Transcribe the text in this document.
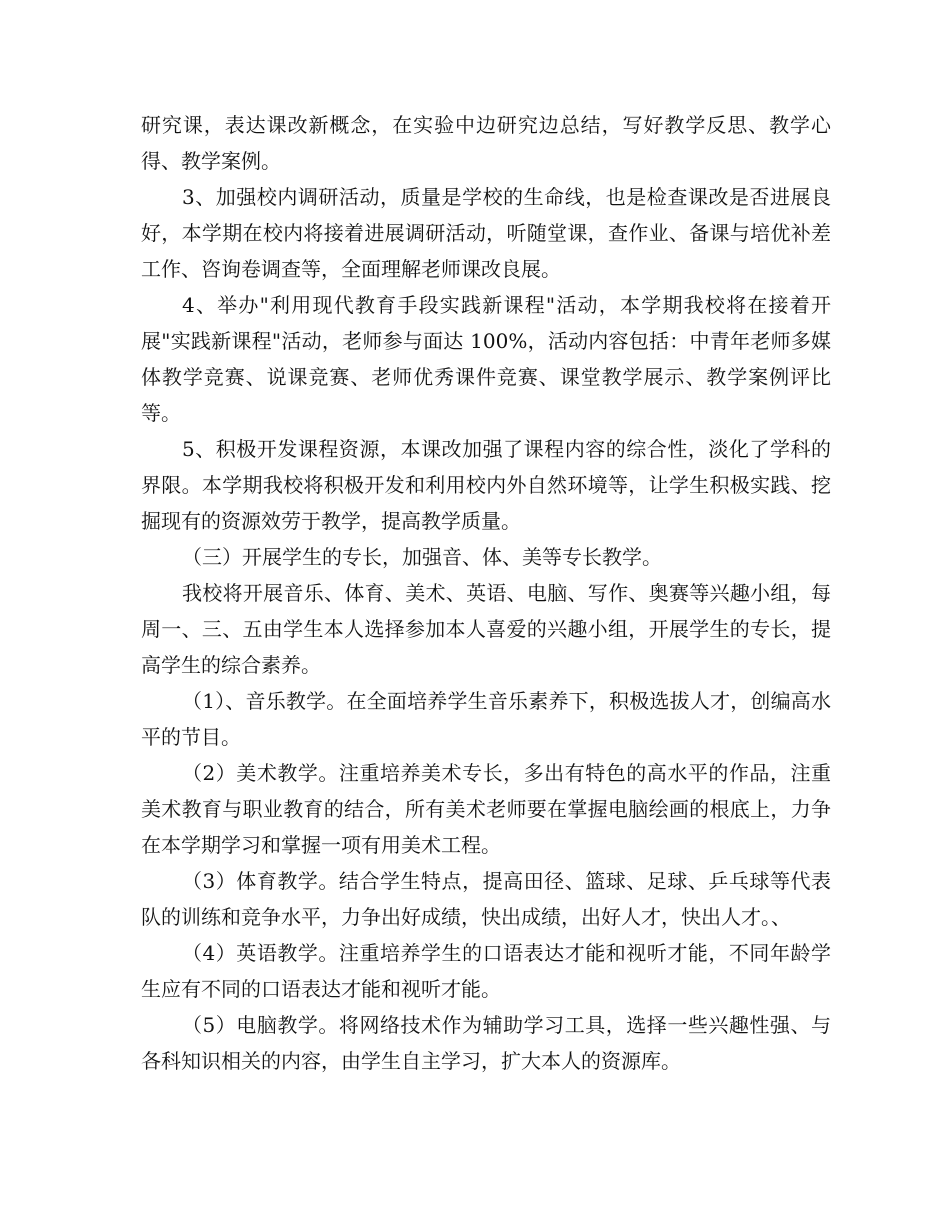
研究课，表达课改新概念，在实验中边研究边总结，写好教学反思、教学心得、教学案例。

3、加强校内调研活动，质量是学校的生命线，也是检查课改是否进展良好，本学期在校内将接着进展调研活动，听随堂课，查作业、备课与培优补差工作、咨询卷调查等，全面理解老师课改良展。

4、举办"利用现代教育手段实践新课程"活动，本学期我校将在接着开展"实践新课程"活动，老师参与面达 100%，活动内容包括：中青年老师多媒体教学竞赛、说课竞赛、老师优秀课件竞赛、课堂教学展示、教学案例评比等。

5、积极开发课程资源，本课改加强了课程内容的综合性，淡化了学科的界限。本学期我校将积极开发和利用校内外自然环境等，让学生积极实践、挖掘现有的资源效劳于教学，提高教学质量。

（三）开展学生的专长，加强音、体、美等专长教学。

我校将开展音乐、体育、美术、英语、电脑、写作、奥赛等兴趣小组，每周一、三、五由学生本人选择参加本人喜爱的兴趣小组，开展学生的专长，提高学生的综合素养。

（1）、音乐教学。在全面培养学生音乐素养下，积极选拔人才，创编高水平的节目。

（2）美术教学。注重培养美术专长，多出有特色的高水平的作品，注重美术教育与职业教育的结合，所有美术老师要在掌握电脑绘画的根底上，力争在本学期学习和掌握一项有用美术工程。

（3）体育教学。结合学生特点，提高田径、篮球、足球、乒乓球等代表队的训练和竞争水平，力争出好成绩，快出成绩，出好人才，快出人才。、

（4）英语教学。注重培养学生的口语表达才能和视听才能，不同年龄学生应有不同的口语表达才能和视听才能。

（5）电脑教学。将网络技术作为辅助学习工具，选择一些兴趣性强、与各科知识相关的内容，由学生自主学习，扩大本人的资源库。
